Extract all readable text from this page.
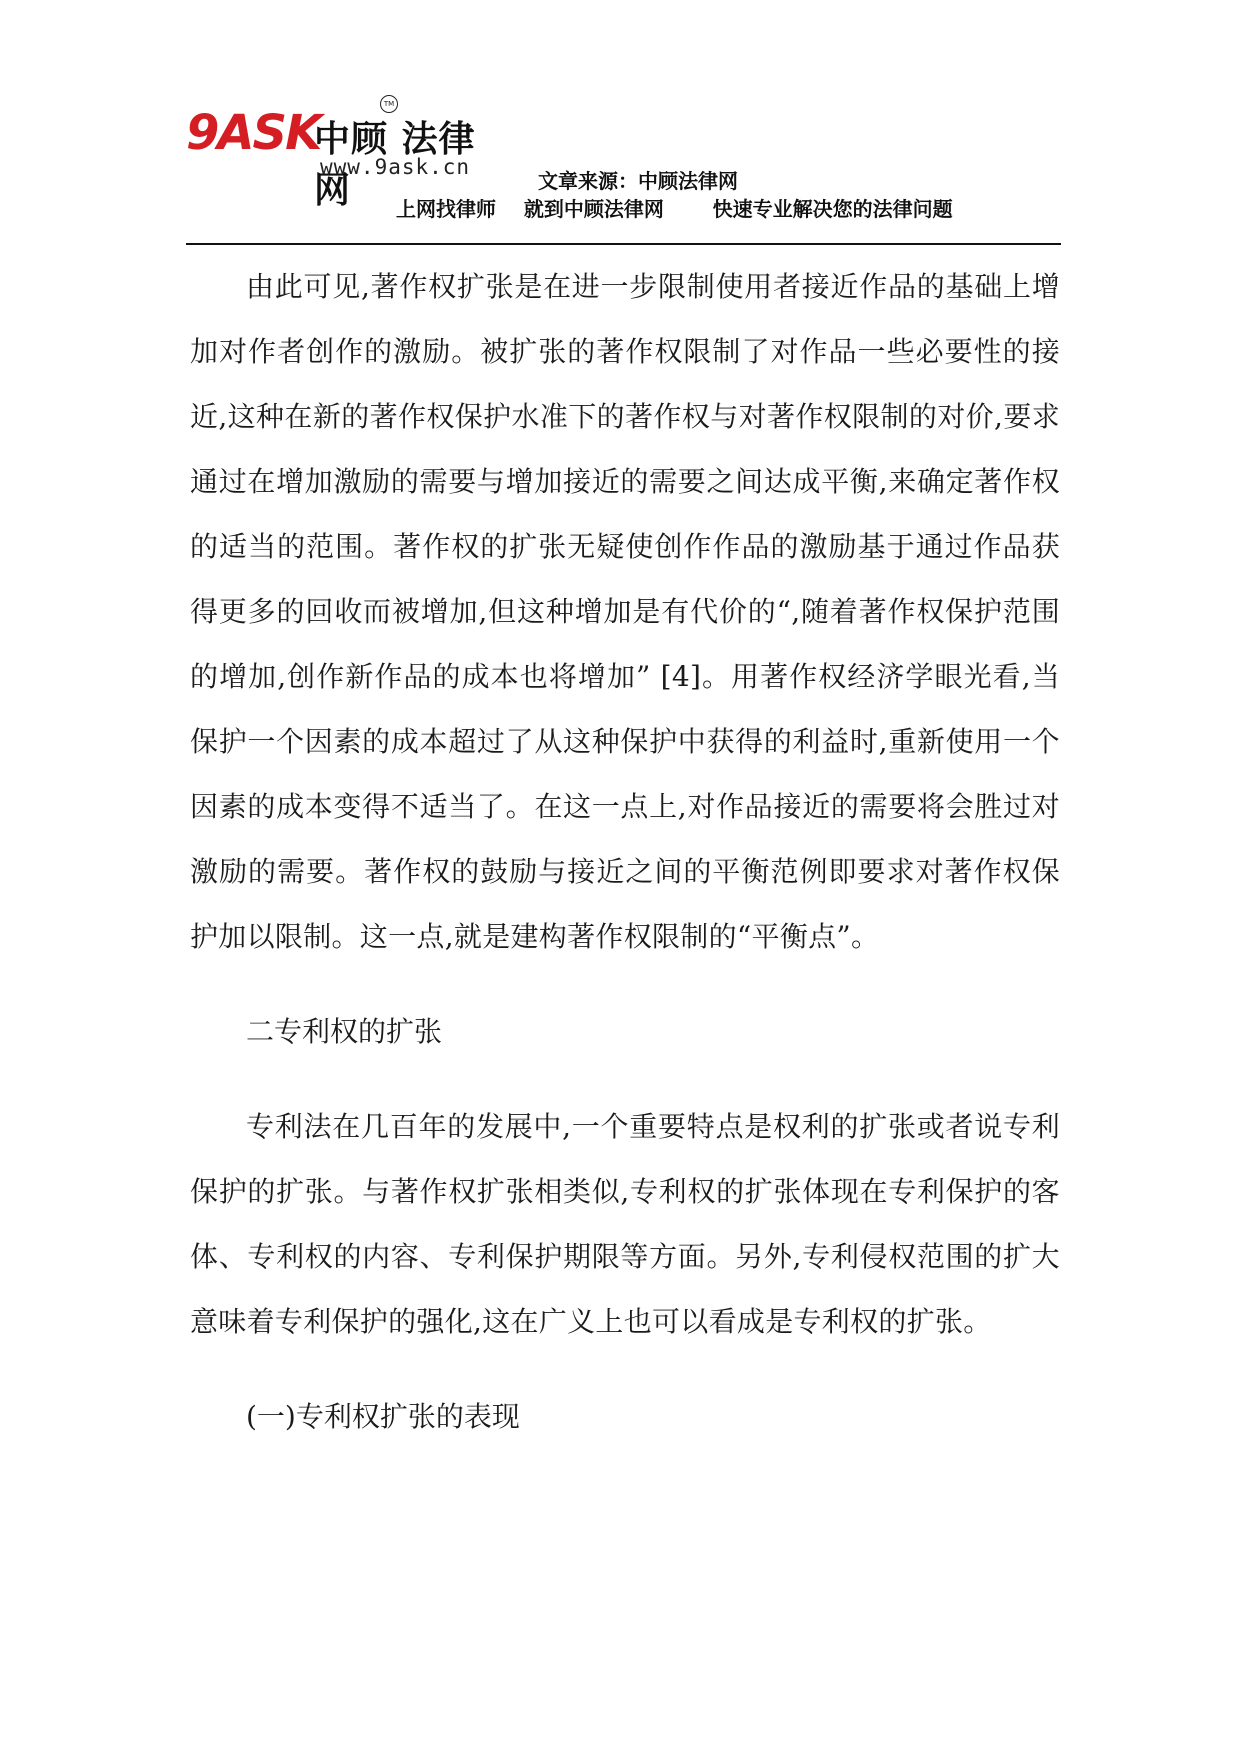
9ASK
中顾 法律网
TM
www.9ask.cn
文章来源：中顾法律网
上网找律师    就到中顾法律网       快速专业解决您的法律问题

由此可见,著作权扩张是在进一步限制使用者接近作品的基础上增加对作者创作的激励。被扩张的著作权限制了对作品一些必要性的接近,这种在新的著作权保护水准下的著作权与对著作权限制的对价,要求通过在增加激励的需要与增加接近的需要之间达成平衡,来确定著作权的适当的范围。著作权的扩张无疑使创作作品的激励基于通过作品获得更多的回收而被增加,但这种增加是有代价的“,随着著作权保护范围的增加,创作新作品的成本也将增加” [4]。用著作权经济学眼光看,当保护一个因素的成本超过了从这种保护中获得的利益时,重新使用一个因素的成本变得不适当了。在这一点上,对作品接近的需要将会胜过对激励的需要。著作权的鼓励与接近之间的平衡范例即要求对著作权保护加以限制。这一点,就是建构著作权限制的“平衡点”。

二专利权的扩张

专利法在几百年的发展中,一个重要特点是权利的扩张或者说专利保护的扩张。与著作权扩张相类似,专利权的扩张体现在专利保护的客体、专利权的内容、专利保护期限等方面。另外,专利侵权范围的扩大意味着专利保护的强化,这在广义上也可以看成是专利权的扩张。

(一)专利权扩张的表现
